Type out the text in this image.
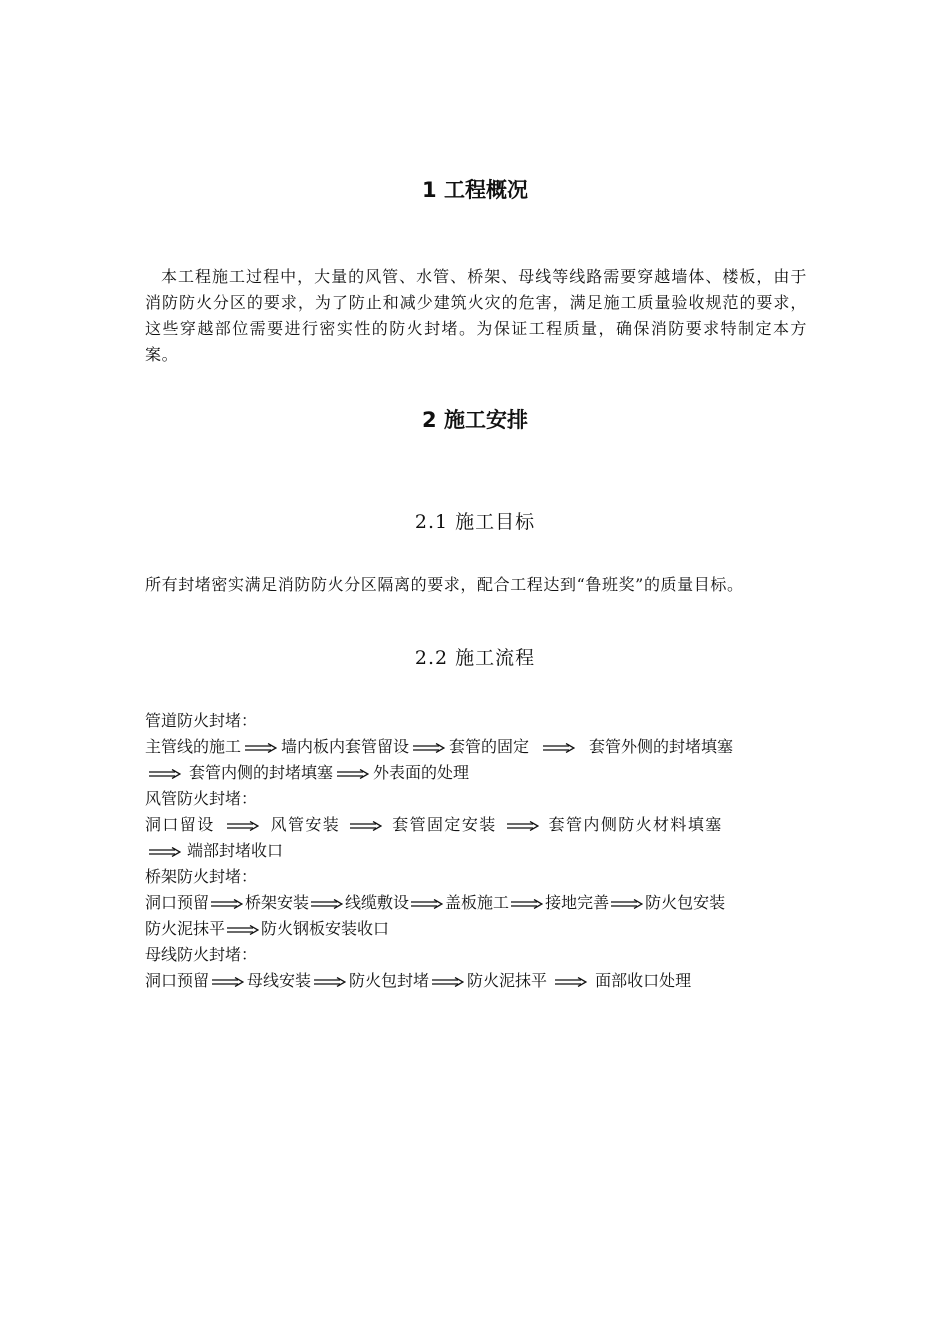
1 工程概况

本工程施工过程中，大量的风管、水管、桥架、母线等线路需要穿越墙体、楼板，由于消防防火分区的要求，为了防止和减少建筑火灾的危害，满足施工质量验收规范的要求，这些穿越部位需要进行密实性的防火封堵。为保证工程质量，确保消防要求特制定本方案。

2 施工安排
2.1 施工目标

所有封堵密实满足消防防火分区隔离的要求，配合工程达到“鲁班奖”的质量目标。

2.2 施工流程
管道防火封堵：
主管线的施工	墙内板内套管留设	套管的固定	套管外侧的封堵填塞
套管内侧的封堵填塞	外表面的处理
风管防火封堵：
洞口留设	风管安装	套管固定安装	套管内侧防火材料填塞
端部封堵收口
桥架防火封堵：
洞口预留 桥架安装 线缆敷设 盖板施工 接地完善 防火包安装
防火泥抹平 防火钢板安装收口
母线防火封堵：
洞口预留 母线安装 防火包封堵 防火泥抹平	面部收口处理
